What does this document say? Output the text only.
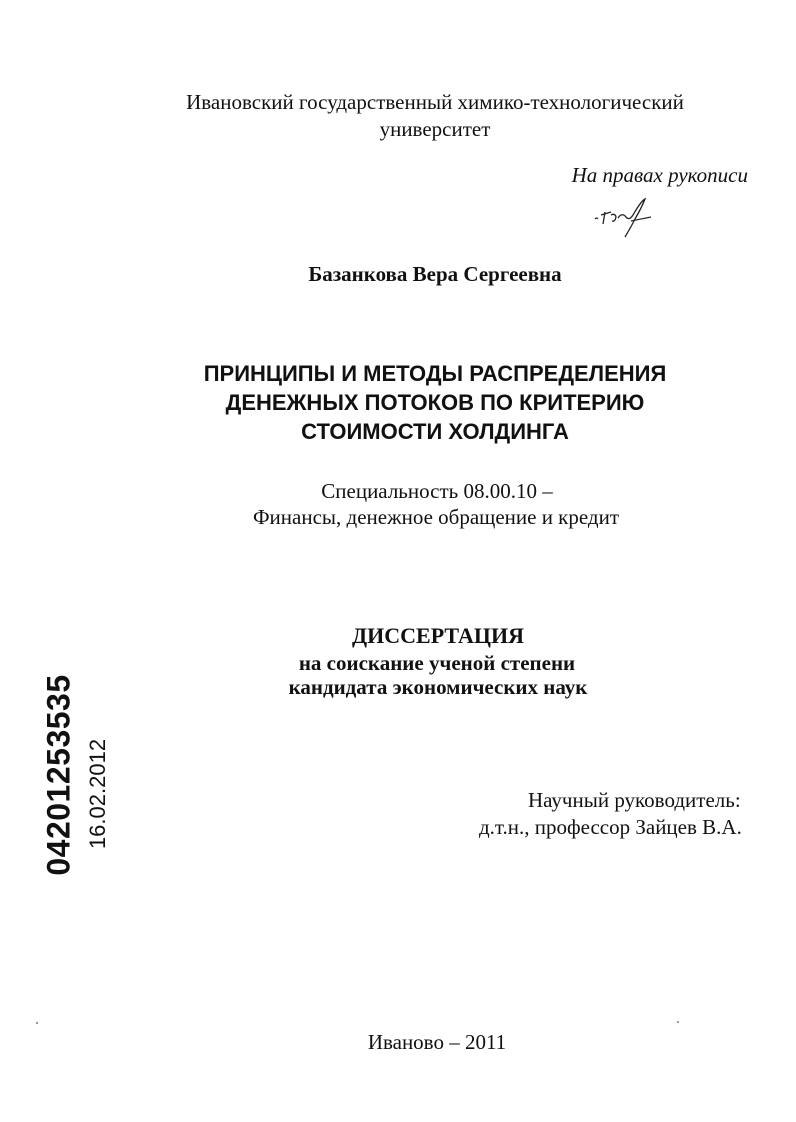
Ивановский государственный химико-технологический
университет
На правах рукописи
Базанкова Вера Сергеевна
ПРИНЦИПЫ И МЕТОДЫ РАСПРЕДЕЛЕНИЯ
ДЕНЕЖНЫХ ПОТОКОВ ПО КРИТЕРИЮ
СТОИМОСТИ ХОЛДИНГА
Специальность 08.00.10 –
Финансы, денежное обращение и кредит
ДИССЕРТАЦИЯ
на соискание ученой степени
кандидата экономических наук
Научный руководитель:
д.т.н., профессор Зайцев В.А.
Иваново – 2011
04201253535 16.02.2012
